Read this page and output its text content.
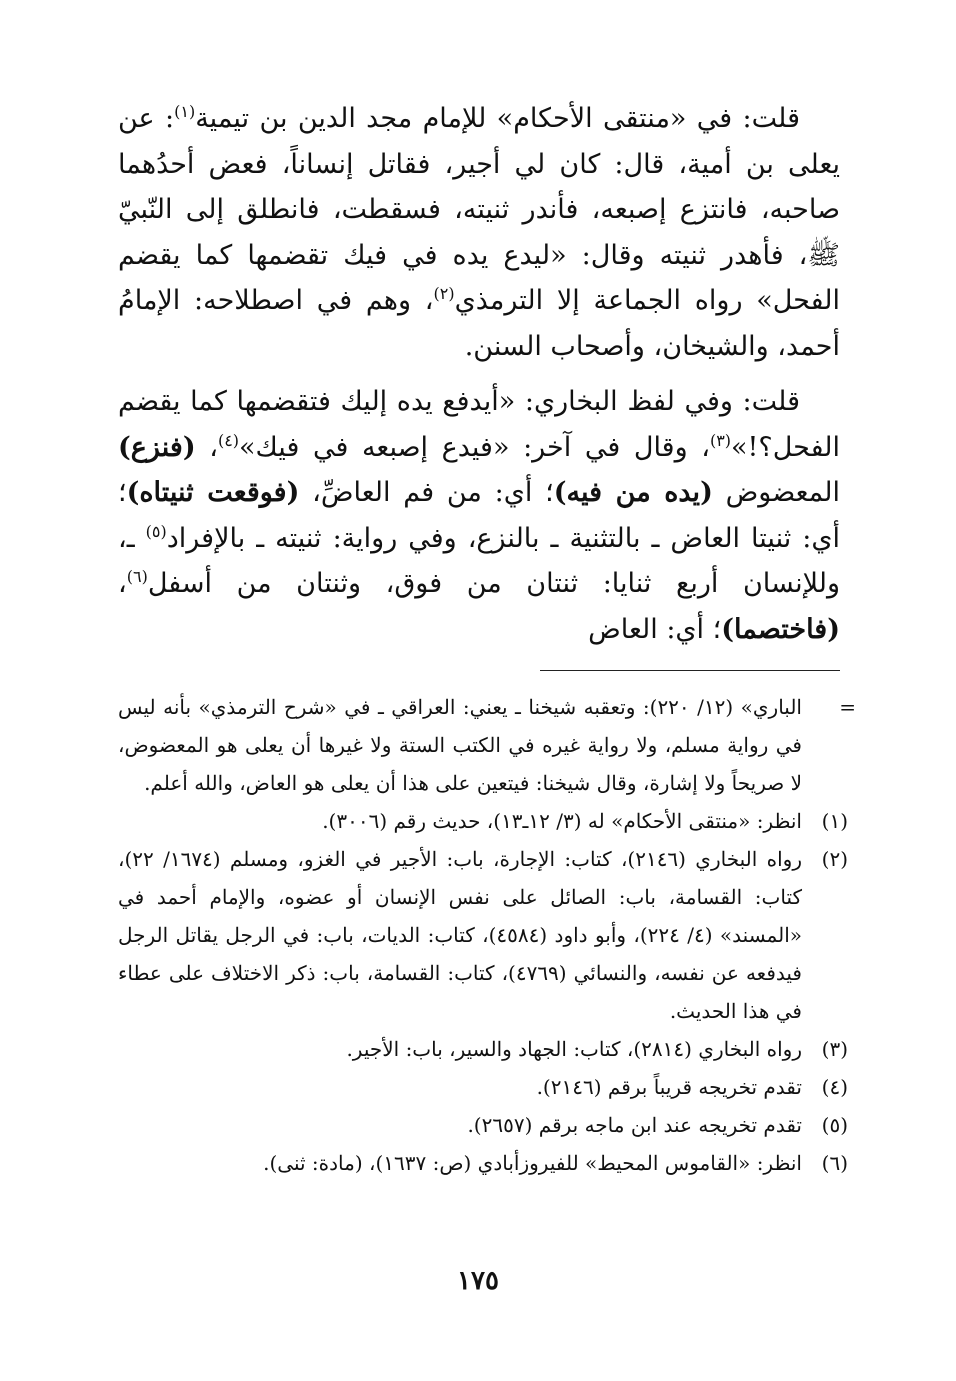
قلت: في «منتقى الأحكام» للإمام مجد الدين بن تيمية$^{(١)}$: عن يعلى بن أمية، قال: كان لي أجير، فقاتل إنساناً، فعض أحدُهما صاحبه، فانتزع إصبعه، فأندر ثنيته، فسقطت، فانطلق إلى النّبيّ ﷺ، فأهدر ثنيته وقال: «ليدع يده في فيك تقضمها كما يقضم الفحل» رواه الجماعة إلا الترمذي$^{(٢)}$، وهم في اصطلاحه: الإمامُ أحمد، والشيخان، وأصحاب السنن.

قلت: وفي لفظ البخاري: «أيدفع يده إليك فتقضمها كما يقضم الفحل؟!»$^{(٣)}$، وقال في آخر: «فيدع إصبعه في فيك»$^{(٤)}$، (فنزع) المعضوض (يده من فيه)؛ أي: من فم العاضِّ، (فوقعت ثنيتاه)؛ أي: ثنيتا العاض ـ بالتثنية ـ بالنزع، وفي رواية: ثنيته ـ بالإفراد$^{(٥)}$ ـ، وللإنسان أربع ثنايا: ثنتان من فوق، وثنتان من أسفل$^{(٦)}$، (فاختصما)؛ أي: العاض

=
الباري» (١٢/ ٢٢٠): وتعقبه شيخنا ـ يعني: العراقي ـ في «شرح الترمذي» بأنه ليس في رواية مسلم، ولا رواية غيره في الكتب الستة ولا غيرها أن يعلى هو المعضوض، لا صريحاً ولا إشارة، وقال شيخنا: فيتعين على هذا أن يعلى هو العاض، والله أعلم.
(١)
انظر: «منتقى الأحكام» له (٣/ ١٢ـ١٣)، حديث رقم (٣٠٠٦).
(٢)
رواه البخاري (٢١٤٦)، كتاب: الإجارة، باب: الأجير في الغزو، ومسلم (١٦٧٤/ ٢٢)، كتاب: القسامة، باب: الصائل على نفس الإنسان أو عضوه، والإمام أحمد في «المسند» (٤/ ٢٢٤)، وأبو داود (٤٥٨٤)، كتاب: الديات، باب: في الرجل يقاتل الرجل فيدفعه عن نفسه، والنسائي (٤٧٦٩)، كتاب: القسامة، باب: ذكر الاختلاف على عطاء في هذا الحديث.
(٣)
رواه البخاري (٢٨١٤)، كتاب: الجهاد والسير، باب: الأجير.
(٤)
تقدم تخريجه قريباً برقم (٢١٤٦).
(٥)
تقدم تخريجه عند ابن ماجه برقم (٢٦٥٧).
(٦)
انظر: «القاموس المحيط» للفيروزأبادي (ص: ١٦٣٧)، (مادة: ثنى).
١٧٥
